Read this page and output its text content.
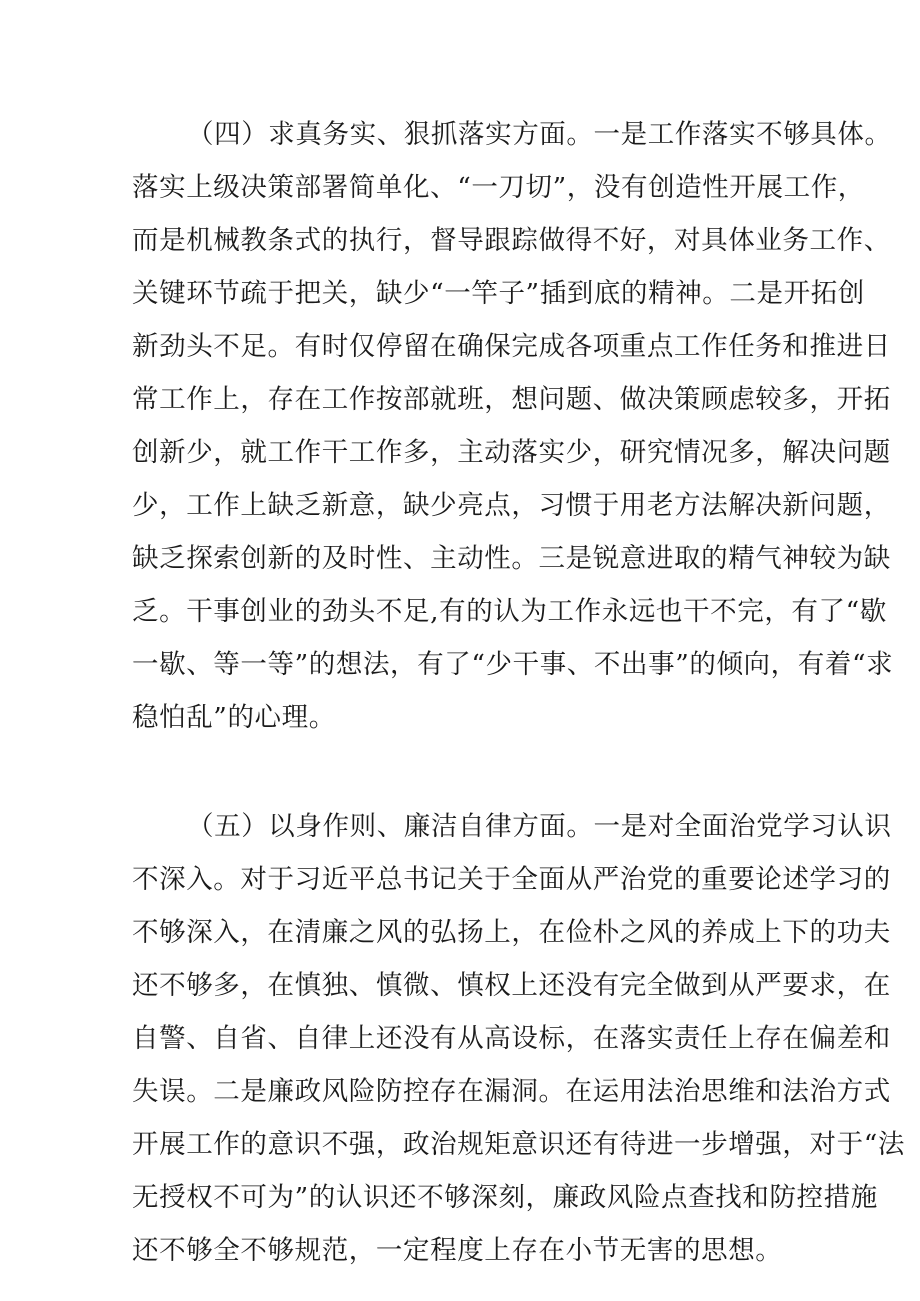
（四）求真务实、狠抓落实方面。一是工作落实不够具体。
落实上级决策部署简单化、“一刀切”，没有创造性开展工作，
而是机械教条式的执行，督导跟踪做得不好，对具体业务工作、
关键环节疏于把关，缺少“一竿子”插到底的精神。二是开拓创
新劲头不足。有时仅停留在确保完成各项重点工作任务和推进日
常工作上，存在工作按部就班，想问题、做决策顾虑较多，开拓
创新少，就工作干工作多，主动落实少，研究情况多，解决问题
少，工作上缺乏新意，缺少亮点，习惯于用老方法解决新问题，
缺乏探索创新的及时性、主动性。三是锐意进取的精气神较为缺
乏。干事创业的劲头不足,有的认为工作永远也干不完，有了“歇
一歇、等一等”的想法，有了“少干事、不出事”的倾向，有着“求
稳怕乱”的心理。
（五）以身作则、廉洁自律方面。一是对全面治党学习认识
不深入。对于习近平总书记关于全面从严治党的重要论述学习的
不够深入，在清廉之风的弘扬上，在俭朴之风的养成上下的功夫
还不够多，在慎独、慎微、慎权上还没有完全做到从严要求，在
自警、自省、自律上还没有从高设标，在落实责任上存在偏差和
失误。二是廉政风险防控存在漏洞。在运用法治思维和法治方式
开展工作的意识不强，政治规矩意识还有待进一步增强，对于“法
无授权不可为”的认识还不够深刻，廉政风险点查找和防控措施
还不够全不够规范，一定程度上存在小节无害的思想。
